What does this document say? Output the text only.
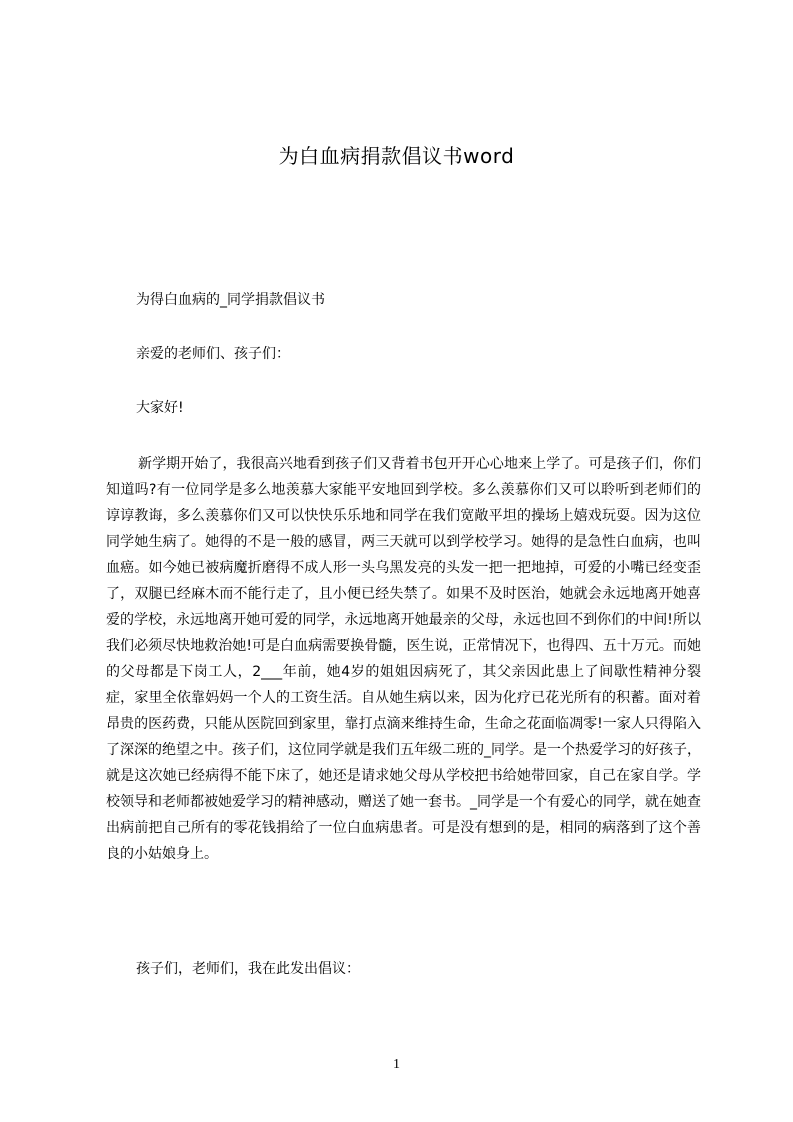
为白血病捐款倡议书word

为得白血病的_同学捐款倡议书

亲爱的老师们、孩子们：

大家好!

新学期开始了，我很高兴地看到孩子们又背着书包开开心心地来上学了。可是孩子们，你们知道吗?有一位同学是多么地羡慕大家能平安地回到学校。多么羡慕你们又可以聆听到老师们的谆谆教诲，多么羡慕你们又可以快快乐乐地和同学在我们宽敞平坦的操场上嬉戏玩耍。因为这位同学她生病了。她得的不是一般的感冒，两三天就可以到学校学习。她得的是急性白血病，也叫血癌。如今她已被病魔折磨得不成人形一头乌黑发亮的头发一把一把地掉，可爱的小嘴已经变歪了，双腿已经麻木而不能行走了，且小便已经失禁了。如果不及时医治，她就会永远地离开她喜爱的学校，永远地离开她可爱的同学，永远地离开她最亲的父母，永远也回不到你们的中间!所以我们必须尽快地救治她!可是白血病需要换骨髓，医生说，正常情况下，也得四、五十万元。而她的父母都是下岗工人，2___年前，她4岁的姐姐因病死了，其父亲因此患上了间歇性精神分裂症，家里全依靠妈妈一个人的工资生活。自从她生病以来，因为化疗已花光所有的积蓄。面对着昂贵的医药费，只能从医院回到家里，靠打点滴来维持生命，生命之花面临凋零!一家人只得陷入了深深的绝望之中。孩子们，这位同学就是我们五年级二班的_同学。是一个热爱学习的好孩子，就是这次她已经病得不能下床了，她还是请求她父母从学校把书给她带回家，自己在家自学。学校领导和老师都被她爱学习的精神感动，赠送了她一套书。_同学是一个有爱心的同学，就在她查出病前把自己所有的零花钱捐给了一位白血病患者。可是没有想到的是，相同的病落到了这个善良的小姑娘身上。

孩子们，老师们，我在此发出倡议：

1
